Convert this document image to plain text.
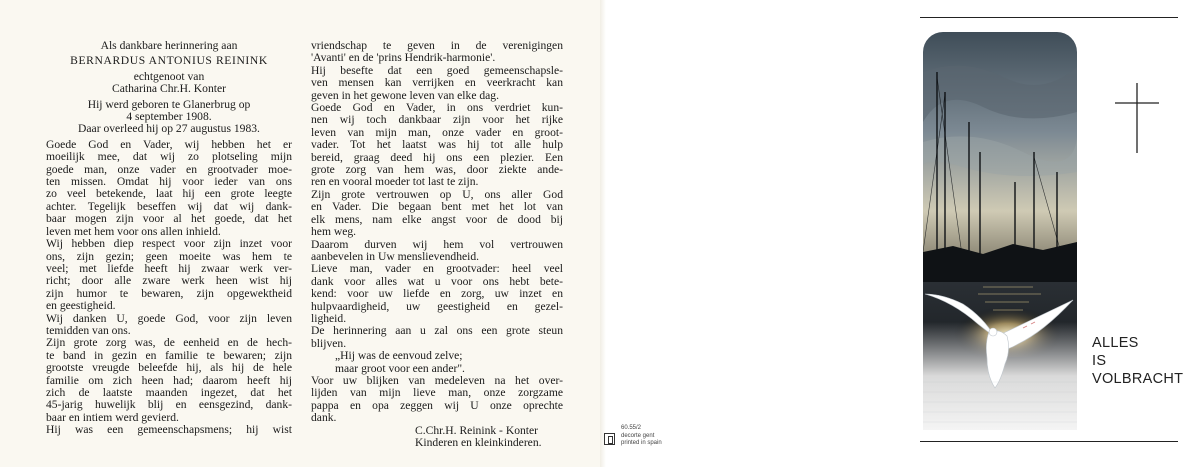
Als dankbare herinnering aan
BERNARDUS ANTONIUS REININK
echtgenoot van
Catharina Chr.H. Konter
Hij werd geboren te Glanerbrug op
4 september 1908.
Daar overleed hij op 27 augustus 1983.
Goede God en Vader, wij hebben het er
moeilijk mee, dat wij zo plotseling mijn
goede man, onze vader en grootvader moe-
ten missen. Omdat hij voor ieder van ons
zo veel betekende, laat hij een grote leegte
achter. Tegelijk beseffen wij dat wij dank-
baar mogen zijn voor al het goede, dat het
leven met hem voor ons allen inhield.
Wij hebben diep respect voor zijn inzet voor
ons, zijn gezin; geen moeite was hem te
veel; met liefde heeft hij zwaar werk ver-
richt; door alle zware werk heen wist hij
zijn humor te bewaren, zijn opgewektheid
en geestigheid.
Wij danken U, goede God, voor zijn leven
temidden van ons.
Zijn grote zorg was, de eenheid en de hech-
te band in gezin en familie te bewaren; zijn
grootste vreugde beleefde hij, als hij de hele
familie om zich heen had; daarom heeft hij
zich de laatste maanden ingezet, dat het
45-jarig huwelijk blij en eensgezind, dank-
baar en intiem werd gevierd.
Hij was een gemeenschapsmens; hij wist
vriendschap te geven in de verenigingen
'Avanti' en de 'prins Hendrik-harmonie'.
Hij besefte dat een goed gemeenschapsle-
ven mensen kan verrijken en veerkracht kan
geven in het gewone leven van elke dag.
Goede God en Vader, in ons verdriet kun-
nen wij toch dankbaar zijn voor het rijke
leven van mijn man, onze vader en groot-
vader. Tot het laatst was hij tot alle hulp
bereid, graag deed hij ons een plezier. Een
grote zorg van hem was, door ziekte ande-
ren en vooral moeder tot last te zijn.
Zijn grote vertrouwen op U, ons aller God
en Vader. Die begaan bent met het lot van
elk mens, nam elke angst voor de dood bij
hem weg.
Daarom durven wij hem vol vertrouwen
aanbevelen in Uw menslievendheid.
Lieve man, vader en grootvader: heel veel
dank voor alles wat u voor ons hebt bete-
kend: voor uw liefde en zorg, uw inzet en
hulpvaardigheid, uw geestigheid en gezel-
ligheid.
De herinnering aan u zal ons een grote steun
blijven.
„Hij was de eenvoud zelve;
maar groot voor een ander".
Voor uw blijken van medeleven na het over-
lijden van mijn lieve man, onze zorgzame
pappa en opa zeggen wij U onze oprechte
dank.
C.Chr.H. Reinink - Konter
Kinderen en kleinkinderen.
60.55/2
decorte gent
printed in spain
ALLES
IS
VOLBRACHT
